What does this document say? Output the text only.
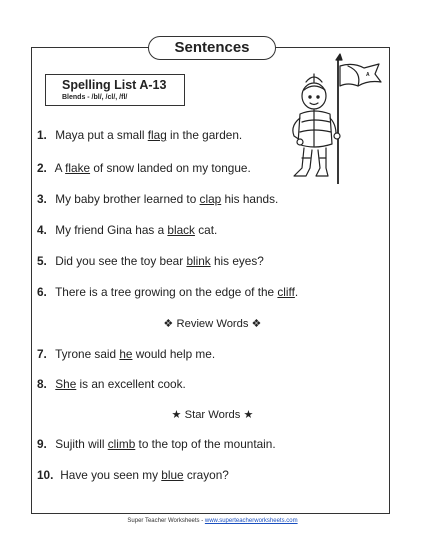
Sentences
Spelling List A-13
Blends - /bl/, /cl/, /fl/
A
1. Maya put a small flag in the garden.
2. A flake of snow landed on my tongue.
3. My baby brother learned to clap his hands.
4. My friend Gina has a black cat.
5. Did you see the toy bear blink his eyes?
6. There is a tree growing on the edge of the cliff.
❖ Review Words ❖
7. Tyrone said he would help me.
8. She is an excellent cook.
★ Star Words ★
9. Sujith will climb to the top of the mountain.
10. Have you seen my blue crayon?
Super Teacher Worksheets - www.superteacherworksheets.com
